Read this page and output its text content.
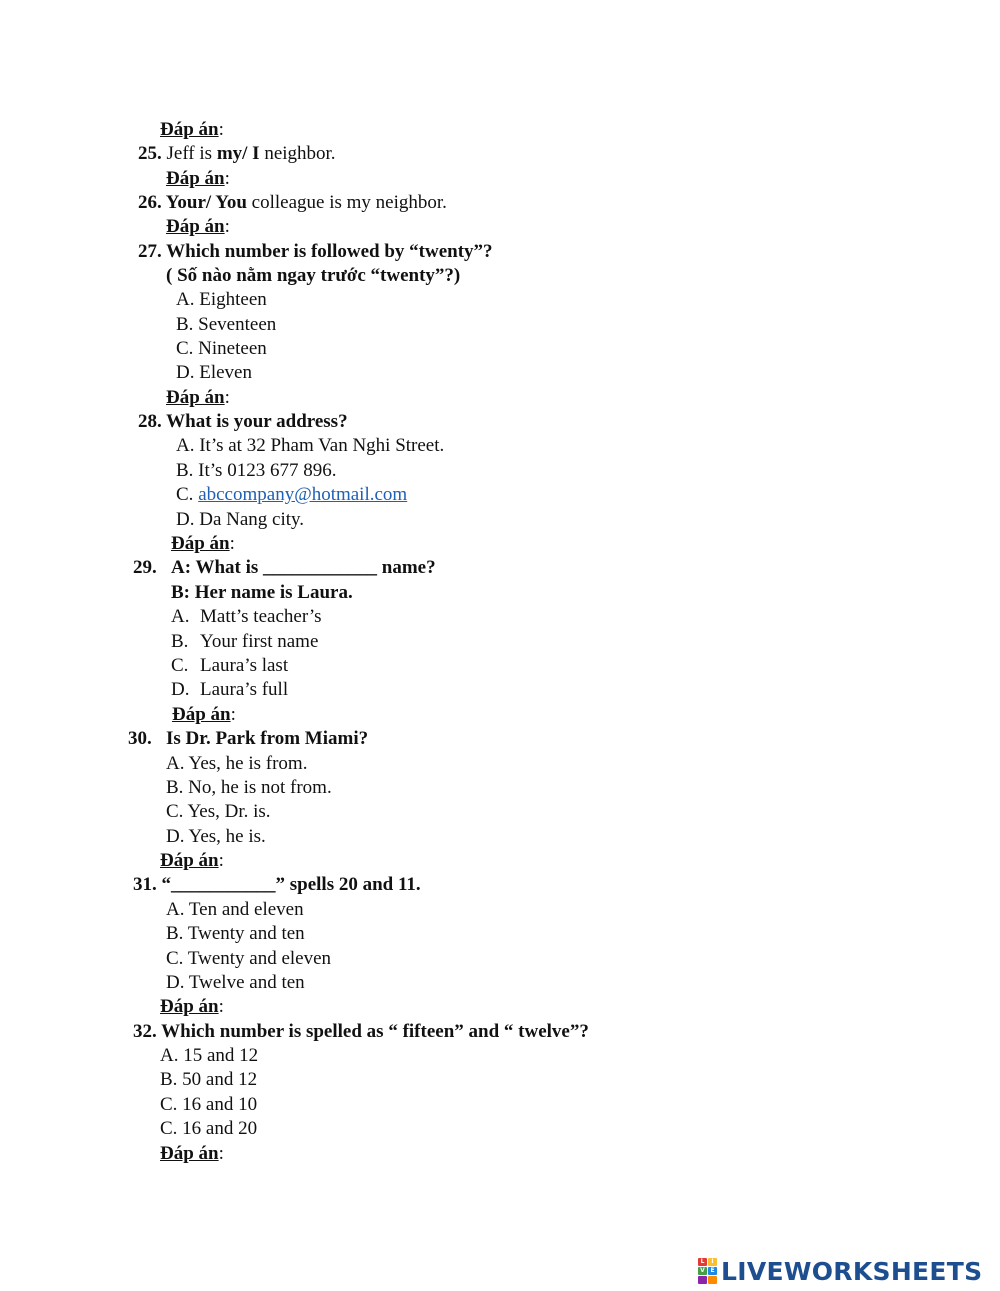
Đáp án:
25. Jeff is my/ I neighbor.
Đáp án:
26. Your/ You colleague is my neighbor.
Đáp án:
27. Which number is followed by “twenty”?
( Số nào nằm ngay trước “twenty”?)
A. Eighteen
B. Seventeen
C. Nineteen
D. Eleven
Đáp án:
28. What is your address?
A. It’s at 32 Pham Van Nghi Street.
B. It’s 0123 677 896.
C. abccompany@hotmail.com
D. Da Nang city.
Đáp án:
29. A: What is ____________ name?
B: Her name is Laura.
A. Matt’s teacher’s
B. Your first name
C. Laura’s last
D. Laura’s full
Đáp án:
30. Is Dr. Park from Miami?
A. Yes, he is from.
B. No, he is not from.
C. Yes, Dr. is.
D. Yes, he is.
Đáp án:
31. “___________” spells 20 and 11.
A. Ten and eleven
B. Twenty and ten
C. Twenty and eleven
D. Twelve and ten
Đáp án:
32. Which number is spelled as “ fifteen” and “ twelve”?
A. 15 and 12
B. 50 and 12
C. 16 and 10
C. 16 and 20
Đáp án:
L	I
V E LIVEWORKSHEETS
